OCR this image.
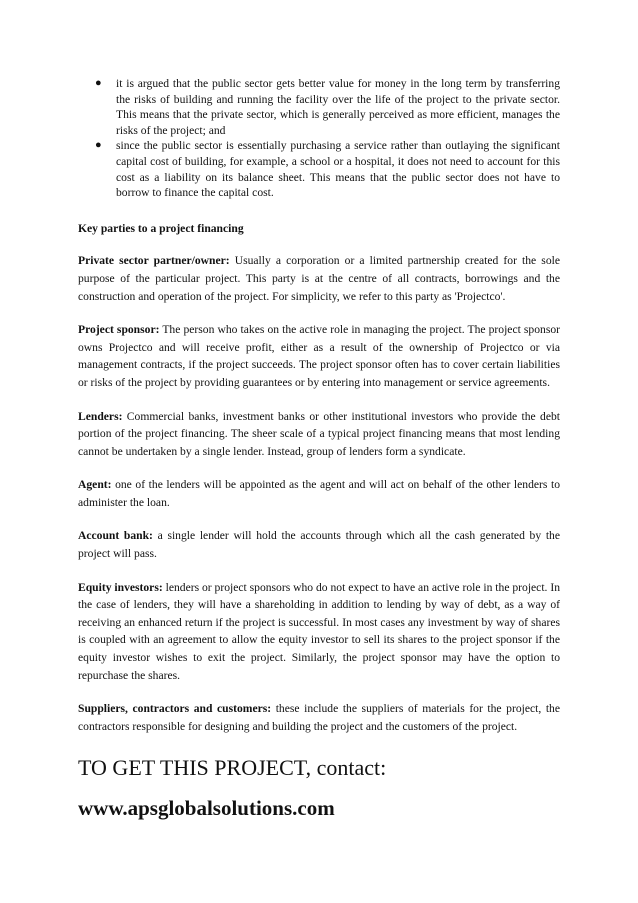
● it is argued that the public sector gets better value for money in the long term by transferring the risks of building and running the facility over the life of the project to the private sector. This means that the private sector, which is generally perceived as more efficient, manages the risks of the project; and
● since the public sector is essentially purchasing a service rather than outlaying the significant capital cost of building, for example, a school or a hospital, it does not need to account for this cost as a liability on its balance sheet. This means that the public sector does not have to borrow to finance the capital cost.
Key parties to a project financing

Private sector partner/owner: Usually a corporation or a limited partnership created for the sole purpose of the particular project. This party is at the centre of all contracts, borrowings and the construction and operation of the project. For simplicity, we refer to this party as 'Projectco'.

Project sponsor: The person who takes on the active role in managing the project. The project sponsor owns Projectco and will receive profit, either as a result of the ownership of Projectco or via management contracts, if the project succeeds. The project sponsor often has to cover certain liabilities or risks of the project by providing guarantees or by entering into management or service agreements.

Lenders: Commercial banks, investment banks or other institutional investors who provide the debt portion of the project financing. The sheer scale of a typical project financing means that most lending cannot be undertaken by a single lender. Instead, group of lenders form a syndicate.

Agent: one of the lenders will be appointed as the agent and will act on behalf of the other lenders to administer the loan.

Account bank: a single lender will hold the accounts through which all the cash generated by the project will pass.

Equity investors: lenders or project sponsors who do not expect to have an active role in the project. In the case of lenders, they will have a shareholding in addition to lending by way of debt, as a way of receiving an enhanced return if the project is successful. In most cases any investment by way of shares is coupled with an agreement to allow the equity investor to sell its shares to the project sponsor if the equity investor wishes to exit the project. Similarly, the project sponsor may have the option to repurchase the shares.

Suppliers, contractors and customers: these include the suppliers of materials for the project, the contractors responsible for designing and building the project and the customers of the project.

TO GET THIS PROJECT, contact:
www.apsglobalsolutions.com
